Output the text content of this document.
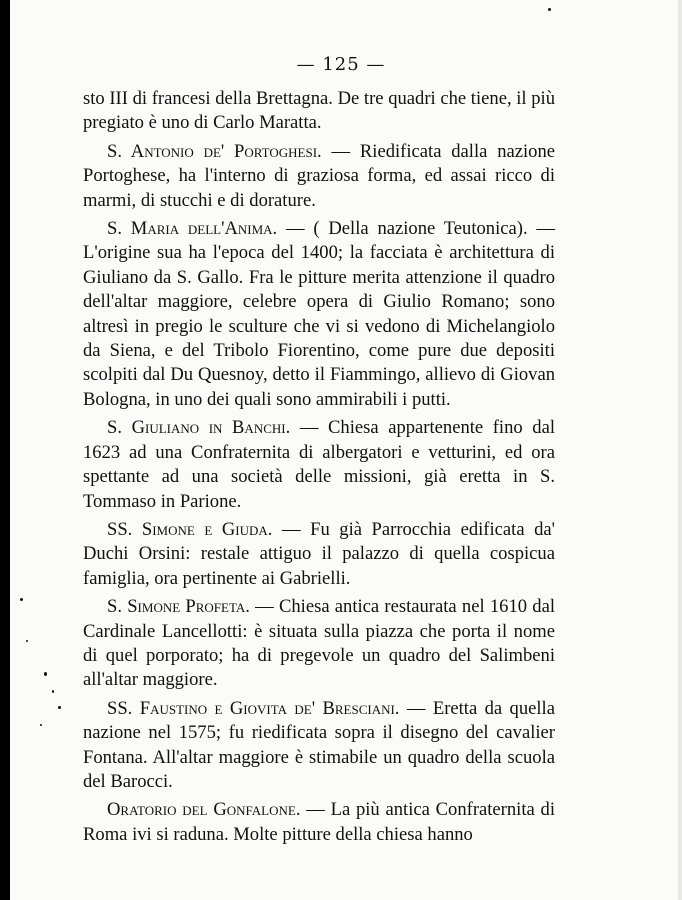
— 125 —

sto III di francesi della Brettagna. De tre quadri che tiene, il più pregiato è uno di Carlo Maratta.

S. Antonio de' Portoghesi. — Riedificata dalla nazione Portoghese, ha l'interno di graziosa forma, ed assai ricco di marmi, di stucchi e di dorature.

S. Maria dell'Anima. — ( Della nazione Teutonica). — L'origine sua ha l'epoca del 1400; la facciata è architettura di Giuliano da S. Gallo. Fra le pitture merita attenzione il quadro dell'altar maggiore, celebre opera di Giulio Romano; sono altresì in pregio le sculture che vi si vedono di Michelangiolo da Siena, e del Tribolo Fiorentino, come pure due depositi scolpiti dal Du Quesnoy, detto il Fiammingo, allievo di Giovan Bologna, in uno dei quali sono ammirabili i putti.

S. Giuliano in Banchi. — Chiesa appartenente fino dal 1623 ad una Confraternita di albergatori e vetturini, ed ora spettante ad una società delle missioni, già eretta in S. Tommaso in Parione.

SS. Simone e Giuda. — Fu già Parrocchia edificata da' Duchi Orsini: restale attiguo il palazzo di quella cospicua famiglia, ora pertinente ai Gabrielli.

S. Simone Profeta. — Chiesa antica restaurata nel 1610 dal Cardinale Lancellotti: è situata sulla piazza che porta il nome di quel porporato; ha di pregevole un quadro del Salimbeni all'altar maggiore.

SS. Faustino e Giovita de' Bresciani. — Eretta da quella nazione nel 1575; fu riedificata sopra il disegno del cavalier Fontana. All'altar maggiore è stimabile un quadro della scuola del Barocci.

Oratorio del Gonfalone. — La più antica Confraternita di Roma ivi si raduna. Molte pitture della chiesa hanno
